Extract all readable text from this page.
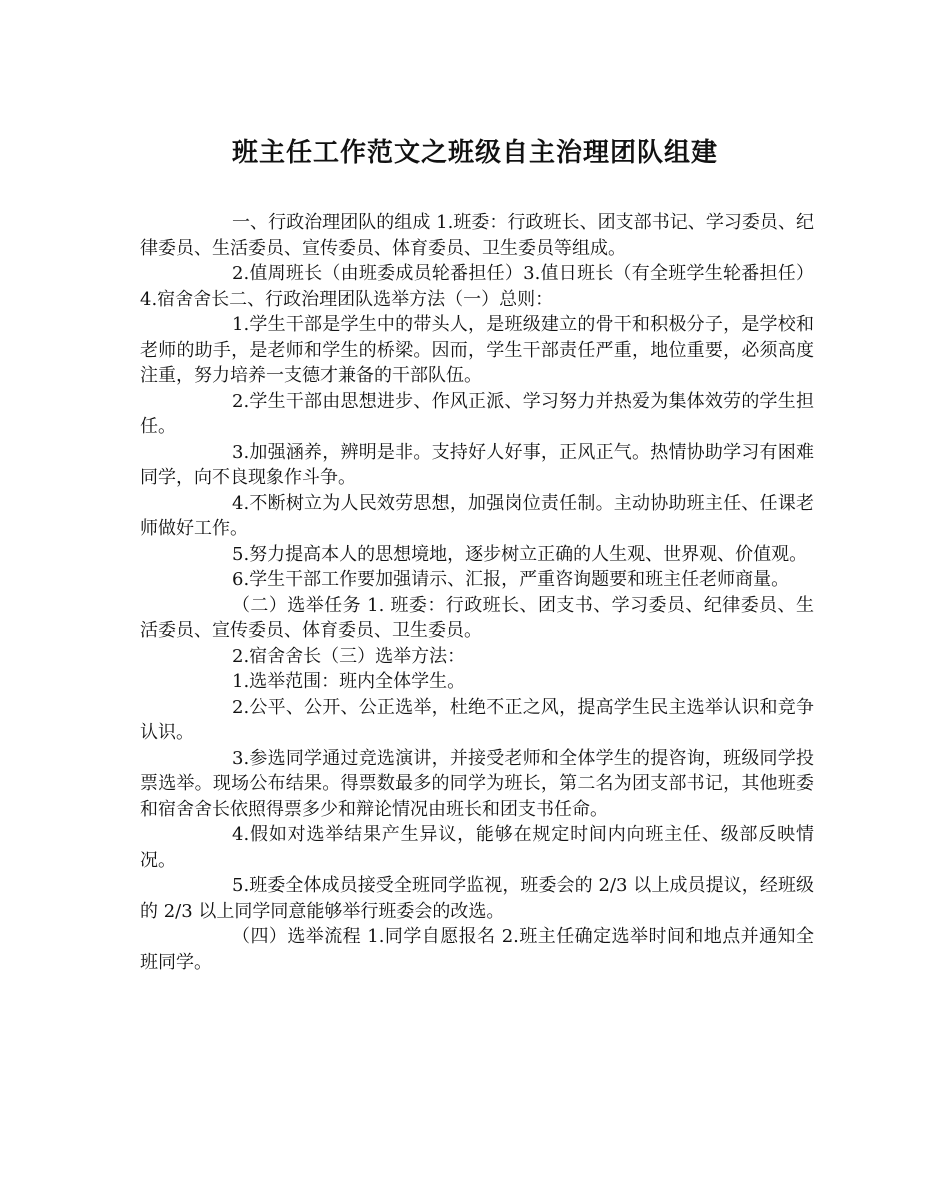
班主任工作范文之班级自主治理团队组建

一、行政治理团队的组成 1.班委：行政班长、团支部书记、学习委员、纪律委员、生活委员、宣传委员、体育委员、卫生委员等组成。

2.值周班长（由班委成员轮番担任）3.值日班长（有全班学生轮番担任）4.宿舍舍长二、行政治理团队选举方法（一）总则：

1.学生干部是学生中的带头人，是班级建立的骨干和积极分子，是学校和老师的助手，是老师和学生的桥梁。因而，学生干部责任严重，地位重要，必须高度注重，努力培养一支德才兼备的干部队伍。

2.学生干部由思想进步、作风正派、学习努力并热爱为集体效劳的学生担任。

3.加强涵养，辨明是非。支持好人好事，正风正气。热情协助学习有困难同学，向不良现象作斗争。

4.不断树立为人民效劳思想，加强岗位责任制。主动协助班主任、任课老师做好工作。

5.努力提高本人的思想境地，逐步树立正确的人生观、世界观、价值观。

6.学生干部工作要加强请示、汇报，严重咨询题要和班主任老师商量。

（二）选举任务 1. 班委：行政班长、团支书、学习委员、纪律委员、生活委员、宣传委员、体育委员、卫生委员。

2.宿舍舍长（三）选举方法：

1.选举范围：班内全体学生。

2.公平、公开、公正选举，杜绝不正之风，提高学生民主选举认识和竞争认识。

3.参选同学通过竞选演讲，并接受老师和全体学生的提咨询，班级同学投票选举。现场公布结果。得票数最多的同学为班长，第二名为团支部书记，其他班委和宿舍舍长依照得票多少和辩论情况由班长和团支书任命。

4.假如对选举结果产生异议，能够在规定时间内向班主任、级部反映情况。

5.班委全体成员接受全班同学监视，班委会的 2/3 以上成员提议，经班级的 2/3 以上同学同意能够举行班委会的改选。

（四）选举流程 1.同学自愿报名 2.班主任确定选举时间和地点并通知全班同学。
